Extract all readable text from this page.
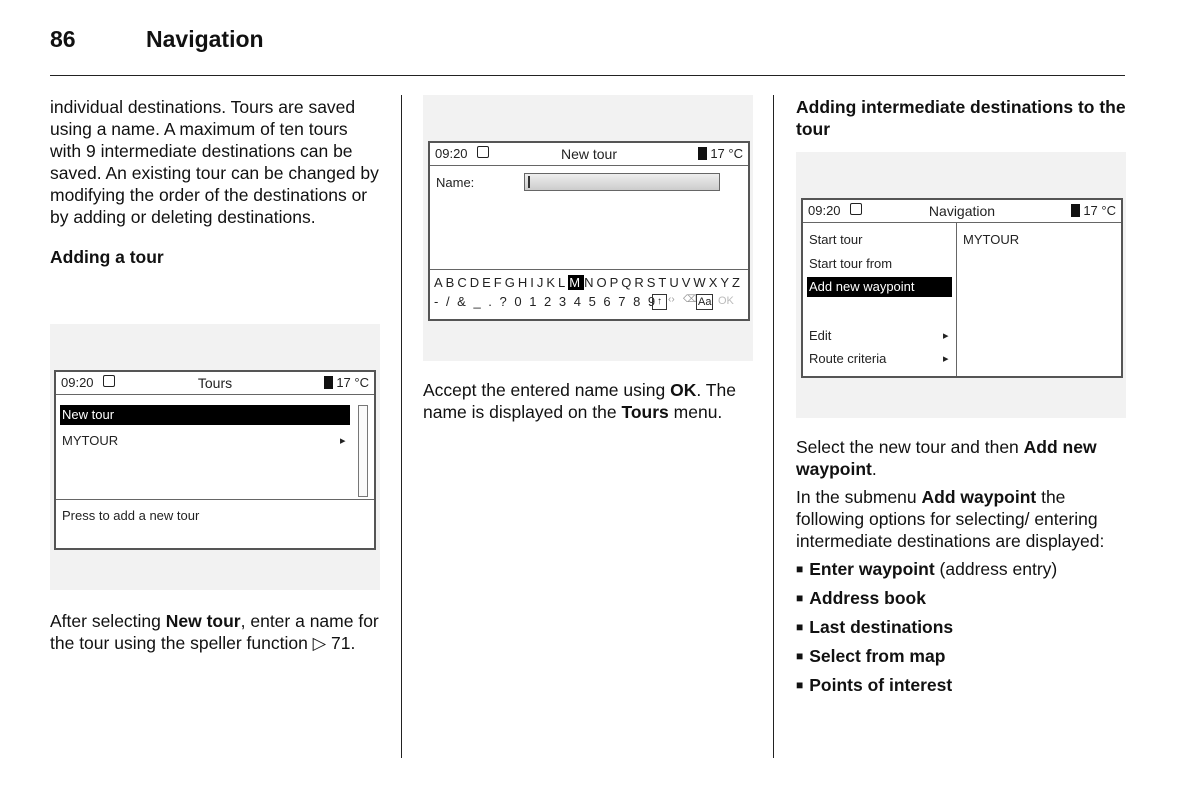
86	Navigation

individual destinations. Tours are saved using a name. A maximum of ten tours with 9 intermediate destinations can be saved. An existing tour can be changed by modifying the order of the destinations or by adding or deleting destinations.

Adding a tour
09:20	Tours	17 °C
New tour
MYTOUR	▸
Press to add a new tour

After selecting New tour, enter a name for the tour using the speller function ▷ 71.

09:20	New tour	17 °C
Name:
ABCDEFGHIJKLMNOPQRSTUVWXYZ
- / & _ . ? 0 1 2 3 4 5 6 7 8 9 ↑ ‹› ⌫ Aa OK

Accept the entered name using OK. The name is displayed on the Tours menu.

Adding intermediate destinations to the tour
09:20	Navigation	17 °C
Start tour
Start tour from
Add new waypoint
Edit	▸
Route criteria	▸
MYTOUR

Select the new tour and then Add new waypoint.

In the submenu Add waypoint the following options for selecting/ entering intermediate destinations are displayed:

■ Enter waypoint (address entry)
■ Address book
■ Last destinations
■ Select from map
■ Points of interest
